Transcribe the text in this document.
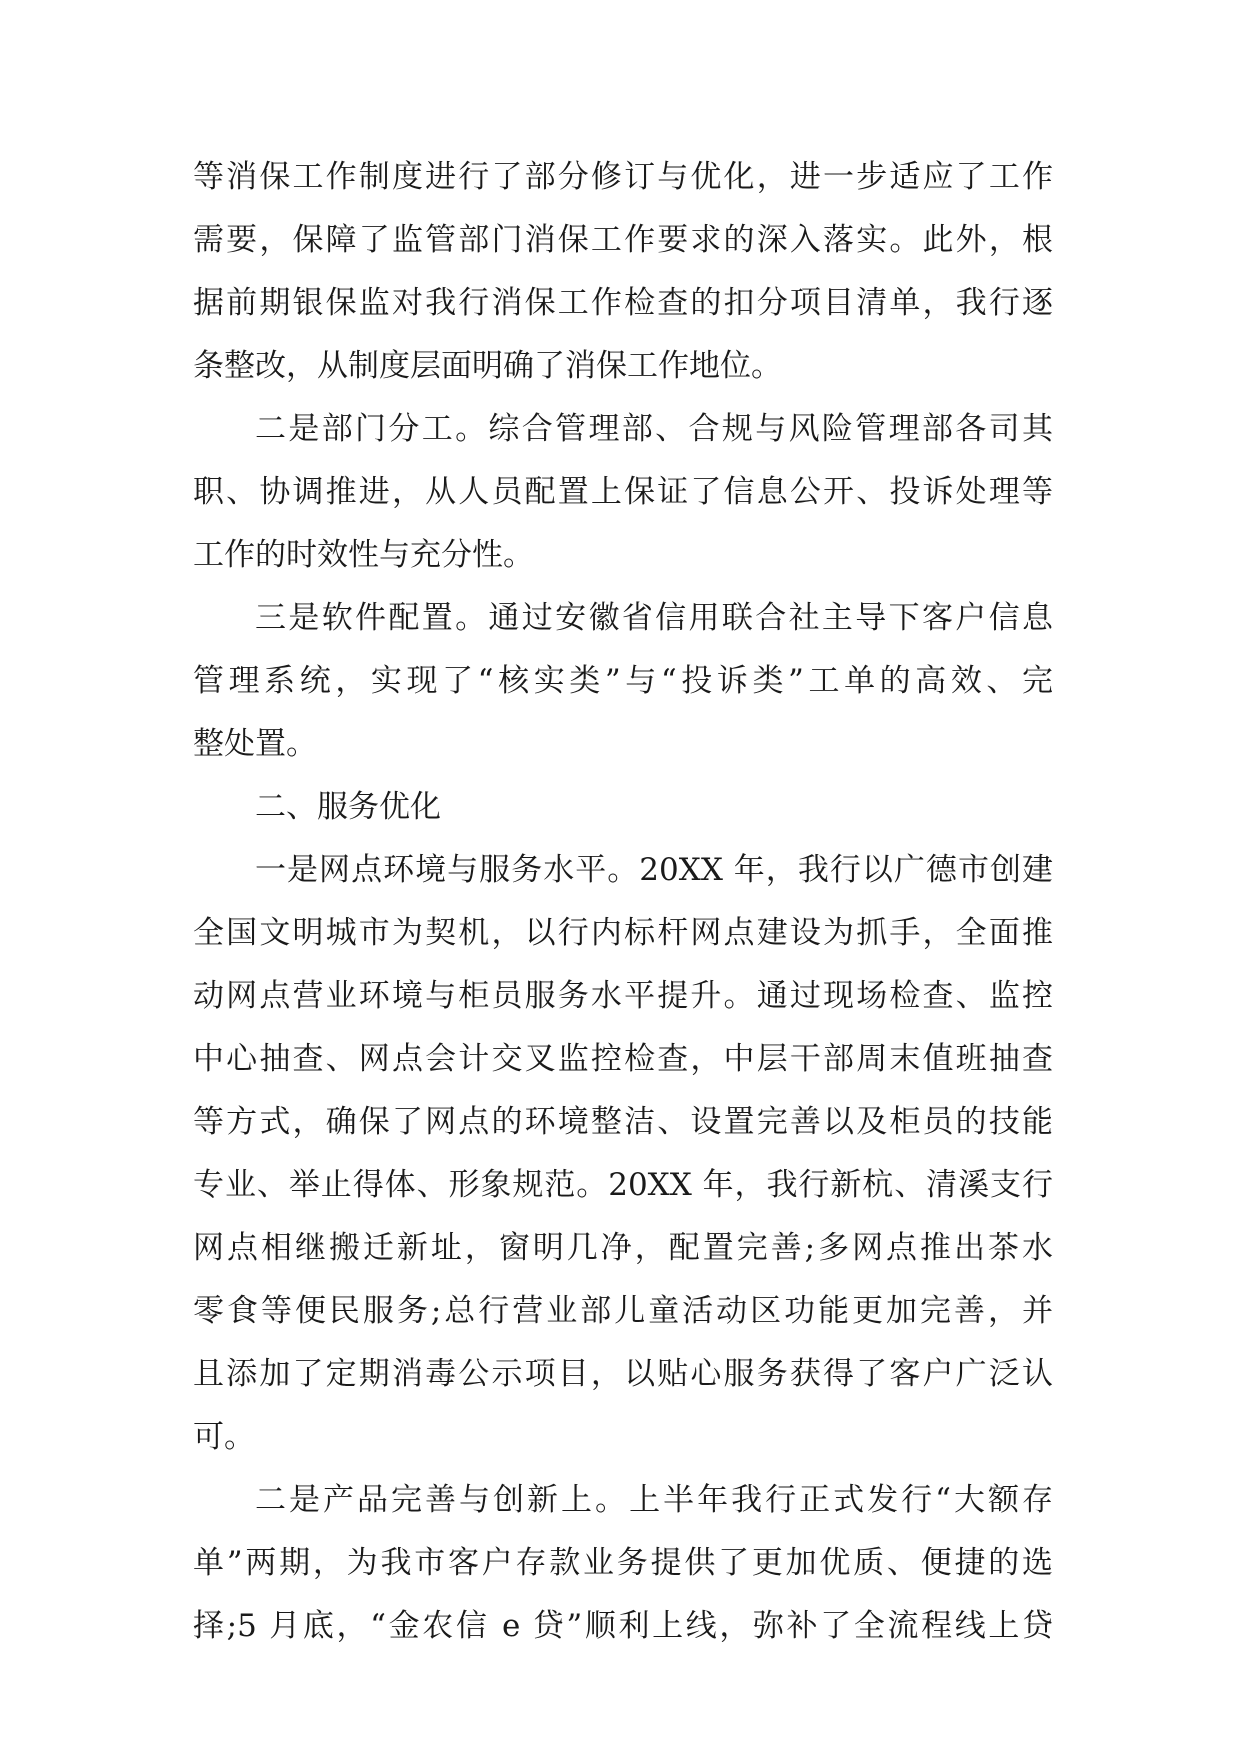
等消保工作制度进行了部分修订与优化，进一步适应了工作
需要，保障了监管部门消保工作要求的深入落实。此外，根
据前期银保监对我行消保工作检查的扣分项目清单，我行逐
条整改，从制度层面明确了消保工作地位。
二是部门分工。综合管理部、合规与风险管理部各司其
职、协调推进，从人员配置上保证了信息公开、投诉处理等
工作的时效性与充分性。
三是软件配置。通过安徽省信用联合社主导下客户信息
管理系统，实现了“核实类”与“投诉类”工单的高效、完
整处置。
二、服务优化
一是网点环境与服务水平。20XX 年，我行以广德市创建
全国文明城市为契机，以行内标杆网点建设为抓手，全面推
动网点营业环境与柜员服务水平提升。通过现场检查、监控
中心抽查、网点会计交叉监控检查，中层干部周末值班抽查
等方式，确保了网点的环境整洁、设置完善以及柜员的技能
专业、举止得体、形象规范。20XX 年，我行新杭、清溪支行
网点相继搬迁新址，窗明几净，配置完善;多网点推出茶水
零食等便民服务;总行营业部儿童活动区功能更加完善，并
且添加了定期消毒公示项目，以贴心服务获得了客户广泛认
可。
二是产品完善与创新上。上半年我行正式发行“大额存
单”两期，为我市客户存款业务提供了更加优质、便捷的选
择;5 月底，“金农信 e 贷”顺利上线，弥补了全流程线上贷
